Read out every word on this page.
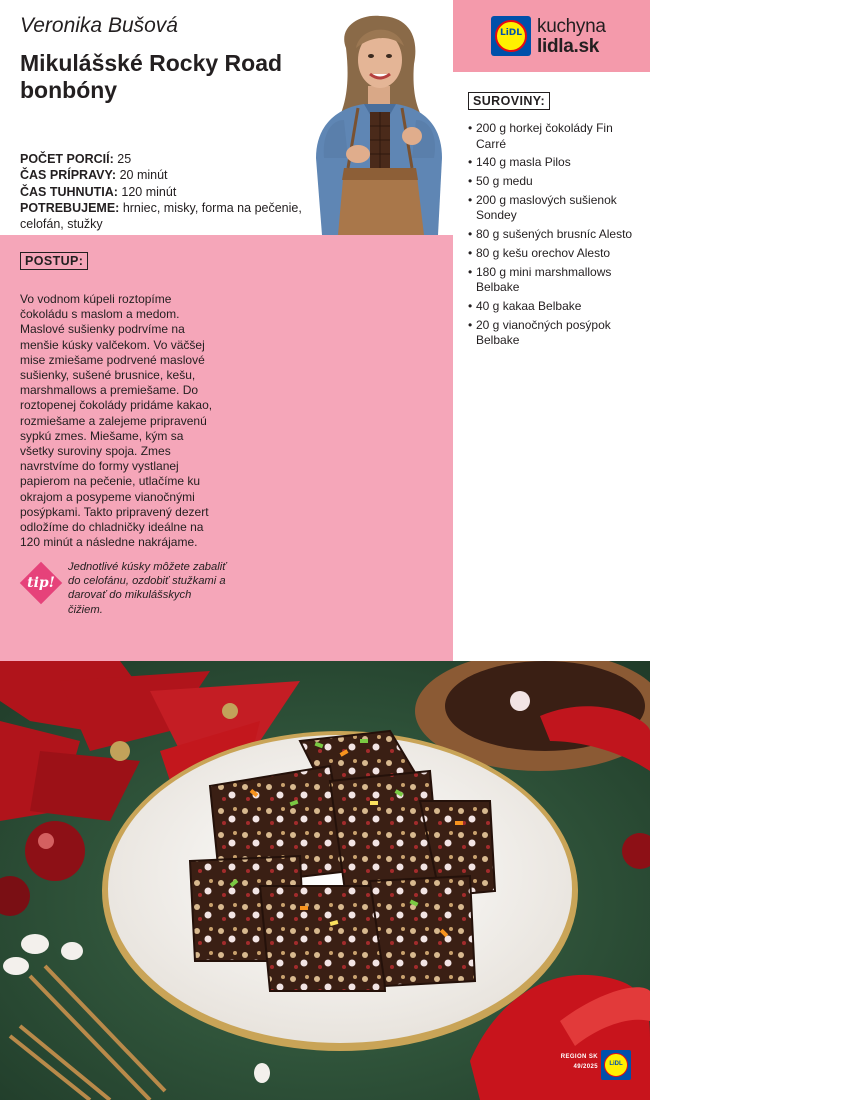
Veronika Bušová
Mikulášské Rocky Road bonbóny
POČET PORCIÍ: 25
ČAS PRÍPRAVY: 20 minút
ČAS TUHNUTIA: 120 minút
POTREBUJEME: hrniec, misky, forma na pečenie, celofán, stužky
LiDL kuchyna
lidla.sk
SUROVINY:
• 200 g horkej čokolády Fin Carré
• 140 g masla Pilos
• 50 g medu
• 200 g maslových sušienok Sondey
• 80 g sušených brusníc Alesto
• 80 g kešu orechov Alesto
• 180 g mini marshmallows Belbake
• 40 g kakaa Belbake
• 20 g vianočných posýpok Belbake
POSTUP:
Vo vodnom kúpeli roztopíme čokoládu s maslom a medom. Maslové sušienky podrvíme na menšie kúsky valčekom. Vo väčšej mise zmiešame podrvené maslové sušienky, sušené brusnice, kešu, marshmallows a premiešame. Do roztopenej čokolády pridáme kakao, rozmiešame a zalejeme pripravenú sypkú zmes. Miešame, kým sa všetky suroviny spoja. Zmes navrstvíme do formy vystlanej papierom na pečenie, utlačíme ku okrajom a posypeme vianočnými posýpkami. Takto pripravený dezert odložíme do chladničky ideálne na 120 minút a následne nakrájame.
tip!
Jednotlivé kúsky môžete zabaliť do celofánu, ozdobiť stužkami a darovať do mikulášskych čižiem.
REGION SK
49/2025	LiDL
